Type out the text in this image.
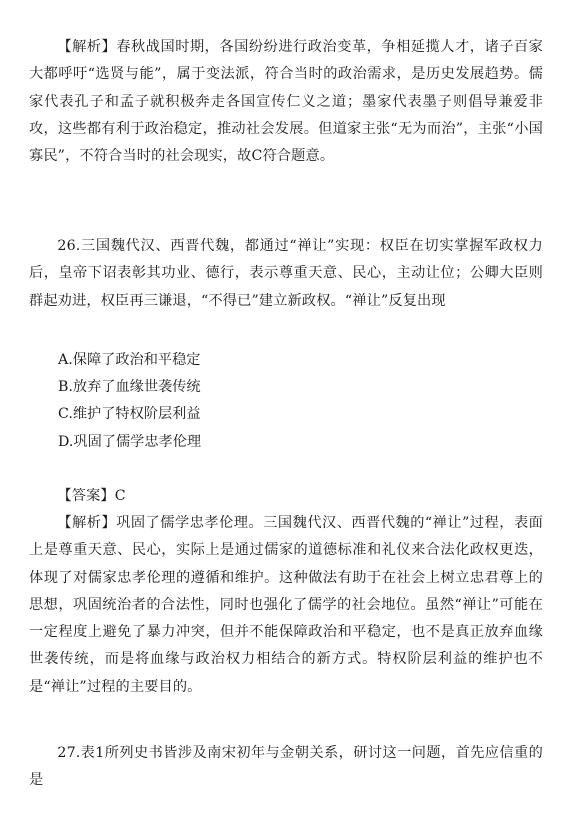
【解析】春秋战国时期，各国纷纷进行政治变革，争相延揽人才，诸子百家大都呼吁“选贤与能”，属于变法派，符合当时的政治需求，是历史发展趋势。儒家代表孔子和孟子就积极奔走各国宣传仁义之道；墨家代表墨子则倡导兼爱非攻，这些都有利于政治稳定，推动社会发展。但道家主张“无为而治”，主张“小国寡民”，不符合当时的社会现实，故C符合题意。

26.三国魏代汉、西晋代魏，都通过“禅让”实现：权臣在切实掌握军政权力后，皇帝下诏表彰其功业、德行，表示尊重天意、民心，主动让位；公卿大臣则群起劝进，权臣再三谦退，“不得已”建立新政权。“禅让”反复出现

A.保障了政治和平稳定

B.放弃了血缘世袭传统

C.维护了特权阶层利益

D.巩固了儒学忠孝伦理

【答案】C

【解析】巩固了儒学忠孝伦理。三国魏代汉、西晋代魏的“禅让”过程，表面上是尊重天意、民心，实际上是通过儒家的道德标准和礼仪来合法化政权更迭，体现了对儒家忠孝伦理的遵循和维护。这种做法有助于在社会上树立忠君尊上的思想，巩固统治者的合法性，同时也强化了儒学的社会地位。虽然“禅让”可能在一定程度上避免了暴力冲突，但并不能保障政治和平稳定，也不是真正放弃血缘世袭传统，而是将血缘与政治权力相结合的新方式。特权阶层利益的维护也不是“禅让”过程的主要目的。

27.表1所列史书皆涉及南宋初年与金朝关系，研讨这一问题，首先应信重的是
